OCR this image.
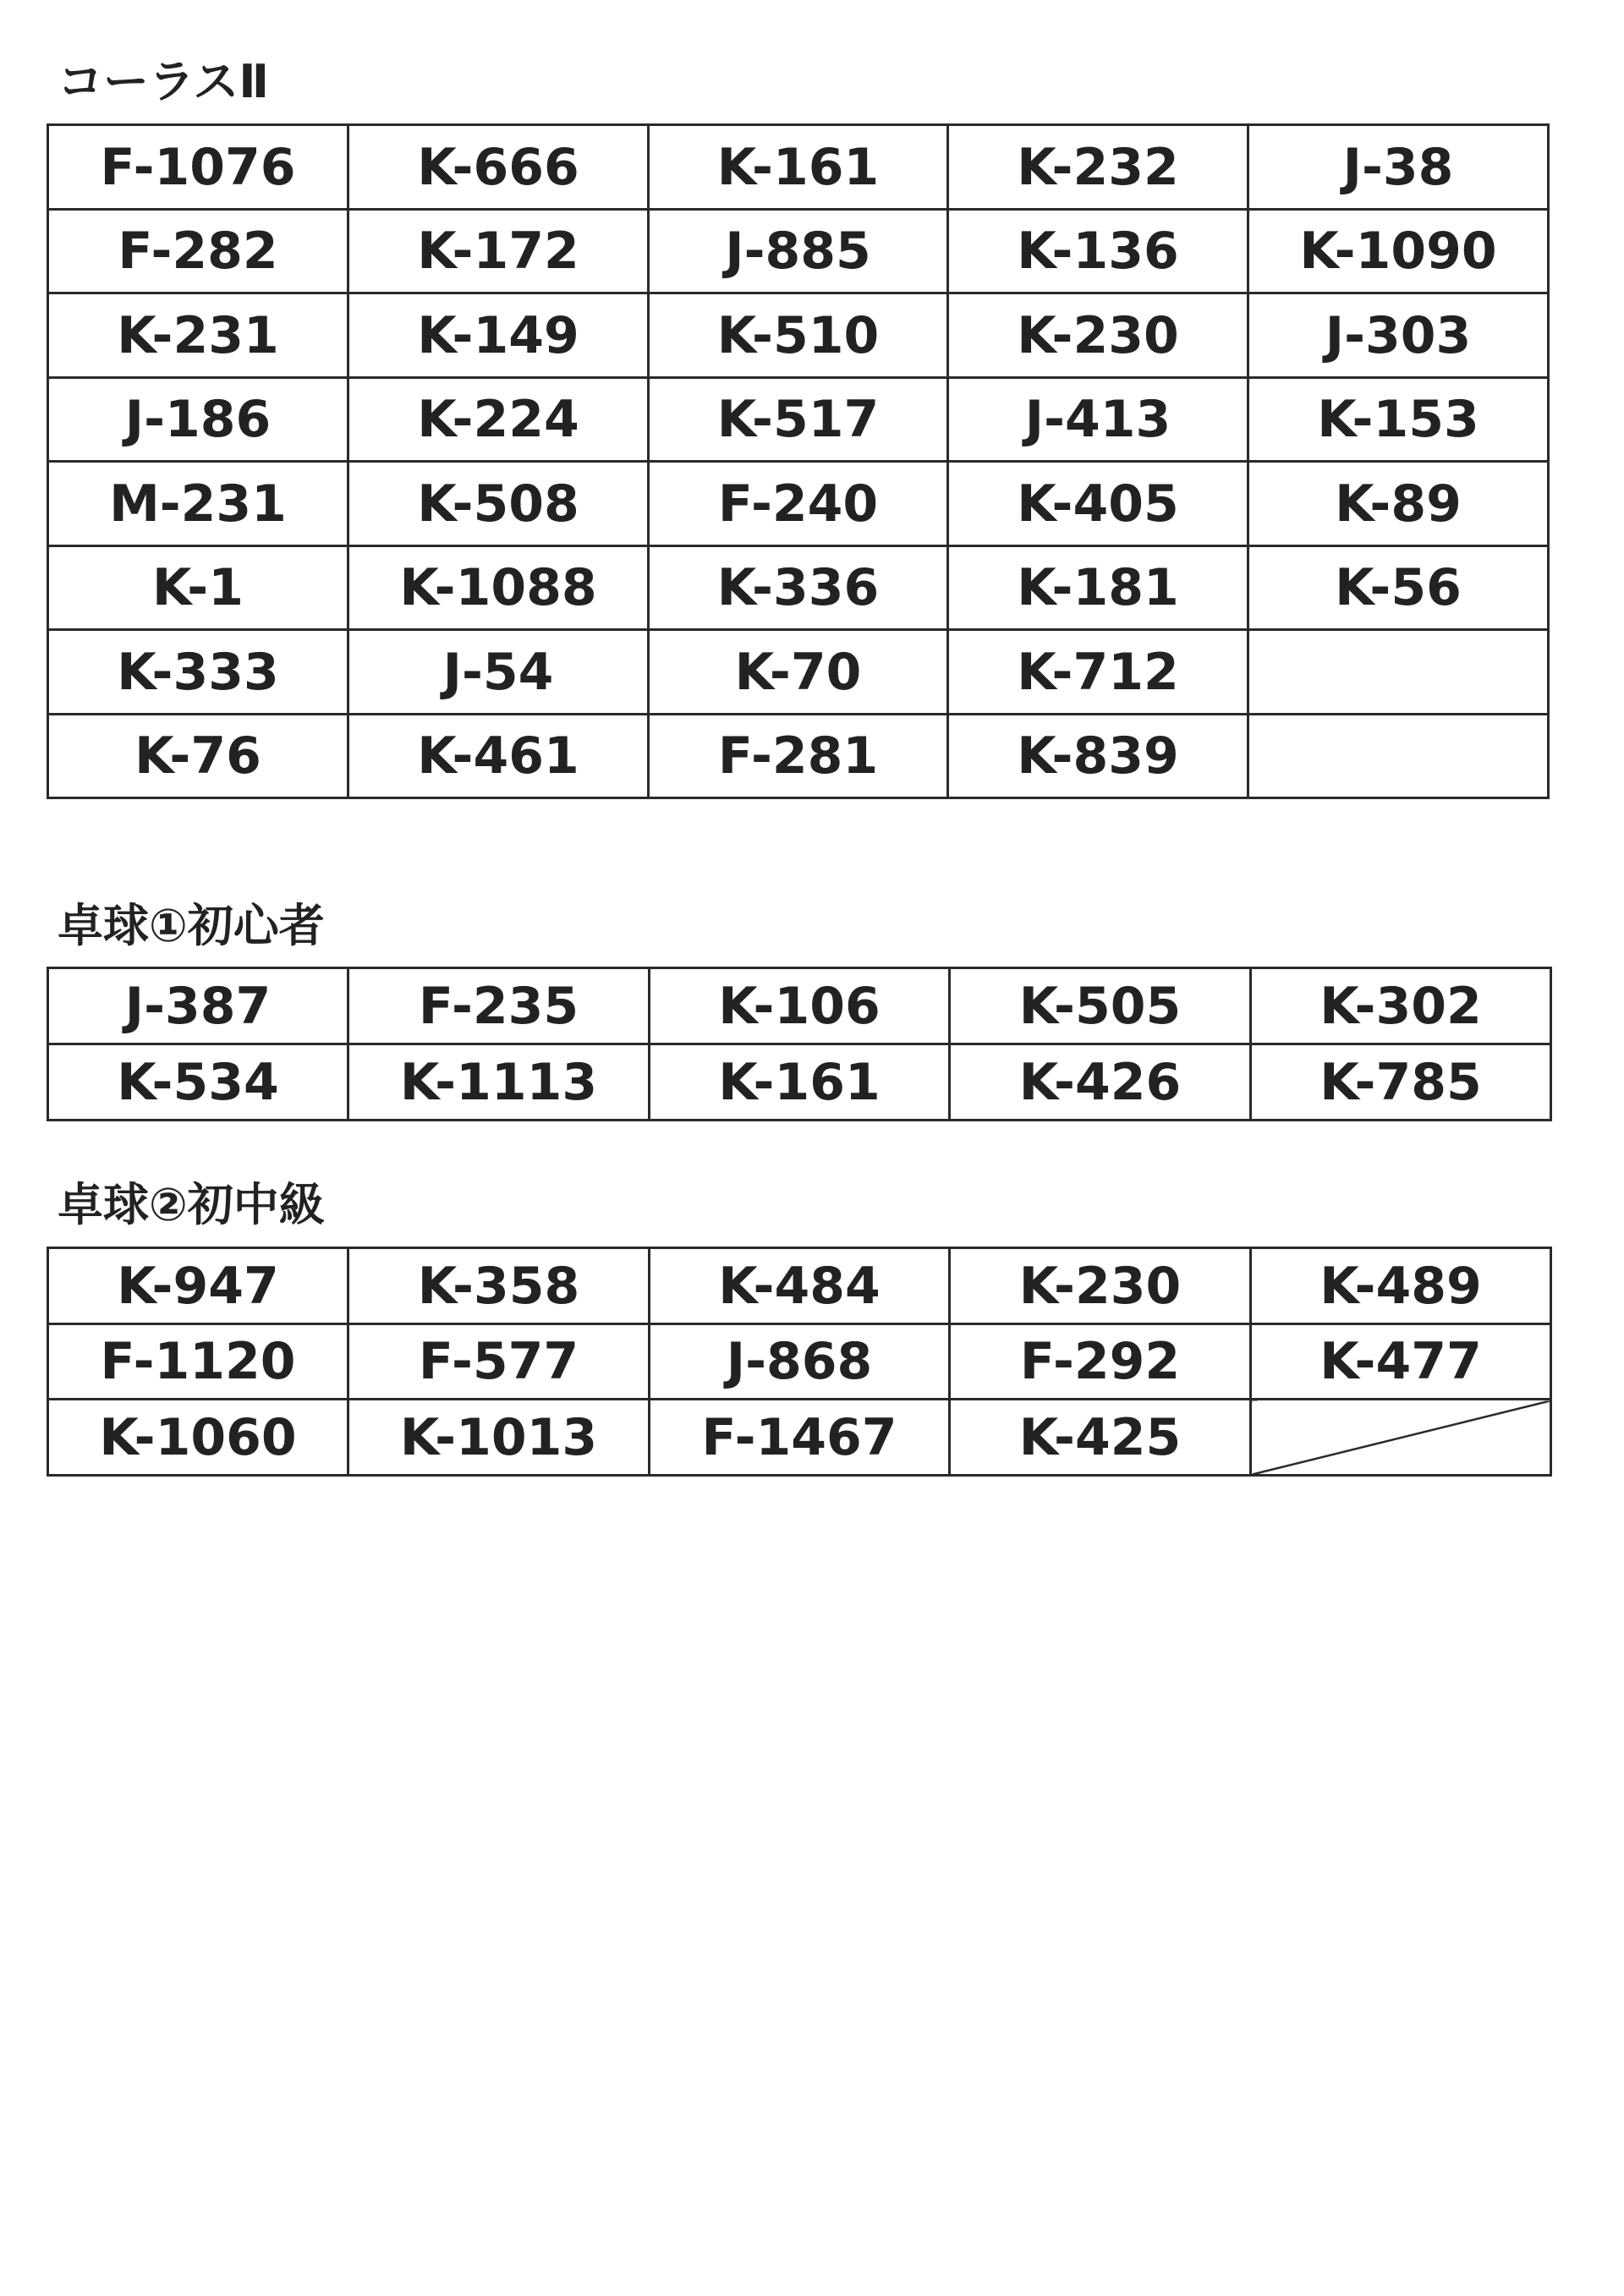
コーラスⅡ
F-1076	K-666	K-161	K-232	J-38
F-282	K-172	J-885	K-136	K-1090
K-231	K-149	K-510	K-230	J-303
J-186	K-224	K-517	J-413	K-153
M-231	K-508	F-240	K-405	K-89
K-1	K-1088	K-336	K-181	K-56
K-333	J-54	K-70	K-712	
K-76	K-461	F-281	K-839	
卓球①初心者
J-387	F-235	K-106	K-505	K-302
K-534	K-1113	K-161	K-426	K-785
卓球②初中級
K-947	K-358	K-484	K-230	K-489
F-1120	F-577	J-868	F-292	K-477
K-1060	K-1013	F-1467	K-425	
